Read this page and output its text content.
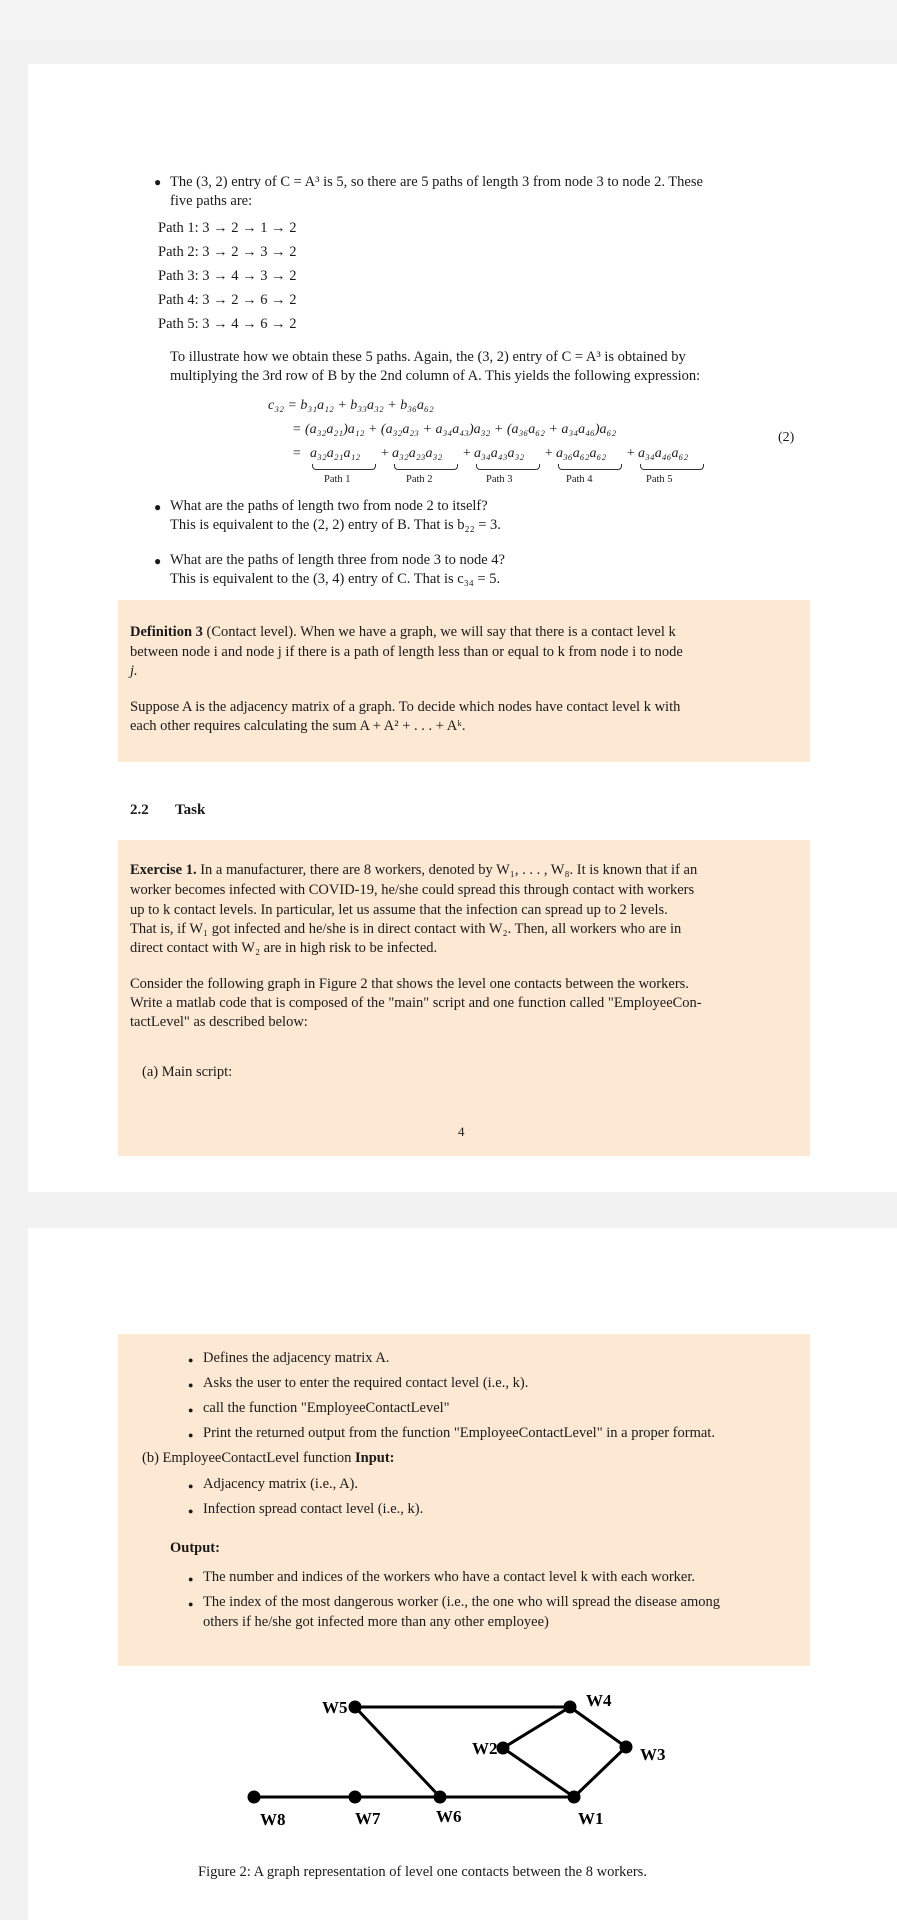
● The (3, 2) entry of C = A³ is 5, so there are 5 paths of length 3 from node 3 to node 2. These
five paths are:
Path 1: 3 → 2 → 1 → 2
Path 2: 3 → 2 → 3 → 2
Path 3: 3 → 4 → 3 → 2
Path 4: 3 → 2 → 6 → 2
Path 5: 3 → 4 → 6 → 2
To illustrate how we obtain these 5 paths. Again, the (3, 2) entry of C = A³ is obtained by
multiplying the 3rd row of B by the 2nd column of A. This yields the following expression:
c₃₂ = b₃₁a₁₂ + b₃₃a₃₂ + b₃₆a₆₂
= (a₃₂a₂₁)a₁₂ + (a₃₂a₂₃ + a₃₄a₄₃)a₃₂ + (a₃₆a₆₂ + a₃₄a₄₆)a₆₂
(2)
= a₃₂a₂₁a₁₂ + a₃₂a₂₃a₃₂ + a₃₄a₄₃a₃₂ + a₃₆a₆₂a₆₂ + a₃₄a₄₆a₆₂
Path 1	Path 2	Path 3	Path 4	Path 5
● What are the paths of length two from node 2 to itself?
This is equivalent to the (2, 2) entry of B. That is b₂₂ = 3.
● What are the paths of length three from node 3 to node 4?
This is equivalent to the (3, 4) entry of C. That is c₃₄ = 5.
Definition 3 (Contact level). When we have a graph, we will say that there is a contact level k
between node i and node j if there is a path of length less than or equal to k from node i to node
j.
Suppose A is the adjacency matrix of a graph. To decide which nodes have contact level k with
each other requires calculating the sum A + A² + . . . + Aᵏ.
2.2 Task
Exercise 1. In a manufacturer, there are 8 workers, denoted by W₁, . . . , W₈. It is known that if an
worker becomes infected with COVID-19, he/she could spread this through contact with workers
up to k contact levels. In particular, let us assume that the infection can spread up to 2 levels.
That is, if W₁ got infected and he/she is in direct contact with W₂. Then, all workers who are in
direct contact with W₂ are in high risk to be infected.
Consider the following graph in Figure 2 that shows the level one contacts between the workers.
Write a matlab code that is composed of the "main" script and one function called "EmployeeCon-
tactLevel" as described below:
(a) Main script:
4
● Defines the adjacency matrix A.
● Asks the user to enter the required contact level (i.e., k).
● call the function "EmployeeContactLevel"
● Print the returned output from the function "EmployeeContactLevel" in a proper format.
(b) EmployeeContactLevel function Input:
● Adjacency matrix (i.e., A).
● Infection spread contact level (i.e., k).
Output:
● The number and indices of the workers who have a contact level k with each worker.
● The index of the most dangerous worker (i.e., the one who will spread the disease among
others if he/she got infected more than any other employee)
W5	W4
W2	W3
W8	W7	W6	W1
Figure 2: A graph representation of level one contacts between the 8 workers.
